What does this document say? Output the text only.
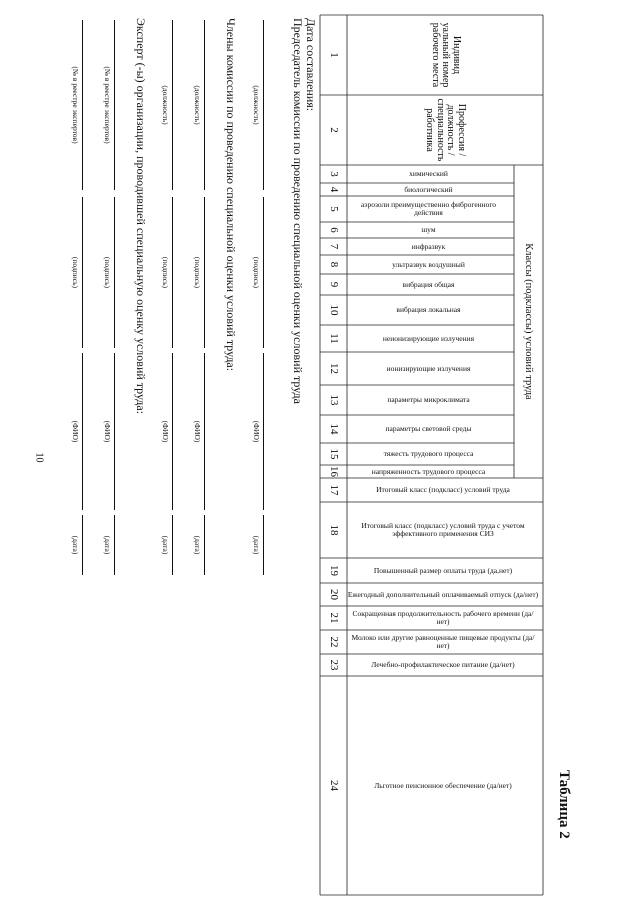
10
Таблица 2
Индивид уальный номер рабочего места
Профессия / должность / специальность работника
Классы (подклассы) условий труда
химический
биологический
аэрозоли преимущественно фиброгенного действия
шум
инфразвук
ультразвук воздушный
вибрация общая
вибрация локальная
неионизирующие излучения
ионизирующие излучения
параметры микроклимата
параметры световой среды
тяжесть трудового процесса
напряженность трудового процесса
Итоговый класс (подкласс) условий труда
Итоговый класс (подкласс) условий труда с учетом эффективного применения СИЗ
Повышенный размер оплаты труда (да,нет)
Ежегодный дополнительный оплачиваемый отпуск (да/нет)
Сокращенная продолжительность рабочего времени (да/нет)
Молоко или другие равноценные пищевые продукты (да/нет)
Лечебно-профилактическое питание (да/нет)
Льготное пенсионное обеспечение (да/нет)
1
2
3
4
5
6
7
8
9
10
11
12
13
14
15
16
17
18
19
20
21
22
23
24
Дата составления:
Председатель комиссии по проведению специальной оценки условий труда
Члены комиссии по проведению специальной оценки условий труда:
Эксперт (-ы) организации, проводившей специальную оценку условий труда:	(должность)
(подпись)
(ФИО)
(дата)
(должность)
(подпись)
(ФИО)
(дата)
(должность)
(подпись)
(ФИО)
(дата)
(№ в реестре экспертов)
(подпись)
(ФИО)
(дата)
(№ в реестре экспертов)
(подпись)
(ФИО)
(дата)
